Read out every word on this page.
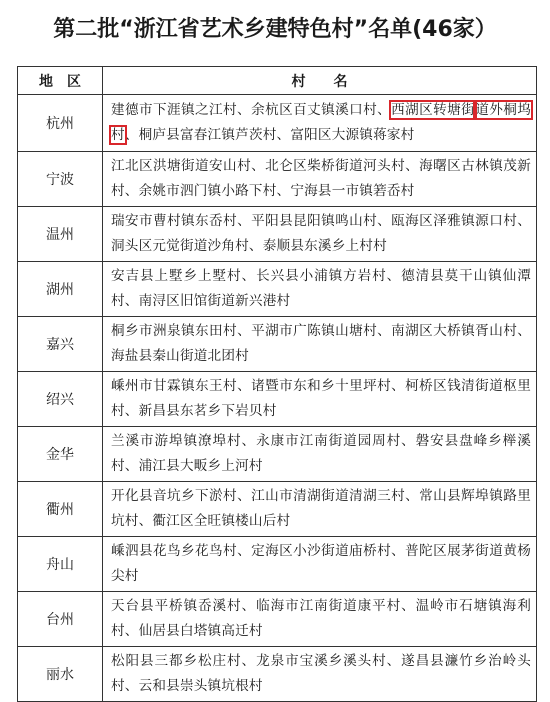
第二批“浙江省艺术乡建特色村”名单(46家）
地　区	村　　名
杭州	建德市下涯镇之江村、余杭区百丈镇溪口村、西湖区转塘街道外桐坞村、桐庐县富春江镇芦茨村、富阳区大源镇蒋家村
宁波	江北区洪塘街道安山村、北仑区柴桥街道河头村、海曙区古林镇茂新村、余姚市泗门镇小路下村、宁海县一市镇箬岙村
温州	瑞安市曹村镇东岙村、平阳县昆阳镇鸣山村、瓯海区泽雅镇源口村、洞头区元觉街道沙角村、泰顺县东溪乡上村村
湖州	安吉县上墅乡上墅村、长兴县小浦镇方岩村、德清县莫干山镇仙潭村、南浔区旧馆街道新兴港村
嘉兴	桐乡市洲泉镇东田村、平湖市广陈镇山塘村、南湖区大桥镇胥山村、海盐县秦山街道北团村
绍兴	嵊州市甘霖镇东王村、诸暨市东和乡十里坪村、柯桥区钱清街道枢里村、新昌县东茗乡下岩贝村
金华	兰溪市游埠镇潦埠村、永康市江南街道园周村、磐安县盘峰乡榉溪村、浦江县大畈乡上河村
衢州	开化县音坑乡下淤村、江山市清湖街道清湖三村、常山县辉埠镇路里坑村、衢江区全旺镇楼山后村
舟山	嵊泗县花鸟乡花鸟村、定海区小沙街道庙桥村、普陀区展茅街道黄杨尖村
台州	天台县平桥镇岙溪村、临海市江南街道康平村、温岭市石塘镇海利村、仙居县白塔镇高迁村
丽水	松阳县三都乡松庄村、龙泉市宝溪乡溪头村、遂昌县濂竹乡治岭头村、云和县崇头镇坑根村
